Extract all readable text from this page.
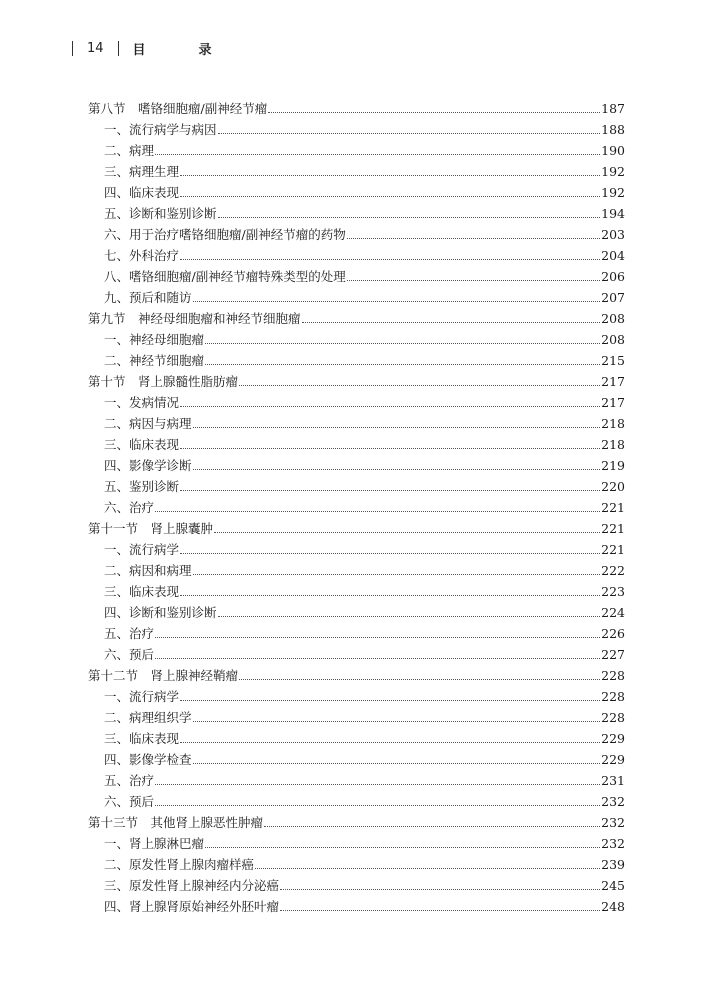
14 目　录
第八节　嗜铬细胞瘤/副神经节瘤	187
一、流行病学与病因	188
二、病理	190
三、病理生理	192
四、临床表现	192
五、诊断和鉴别诊断	194
六、用于治疗嗜铬细胞瘤/副神经节瘤的药物	203
七、外科治疗	204
八、嗜铬细胞瘤/副神经节瘤特殊类型的处理	206
九、预后和随访	207
第九节　神经母细胞瘤和神经节细胞瘤	208
一、神经母细胞瘤	208
二、神经节细胞瘤	215
第十节　肾上腺髓性脂肪瘤	217
一、发病情况	217
二、病因与病理	218
三、临床表现	218
四、影像学诊断	219
五、鉴别诊断	220
六、治疗	221
第十一节　肾上腺囊肿	221
一、流行病学	221
二、病因和病理	222
三、临床表现	223
四、诊断和鉴别诊断	224
五、治疗	226
六、预后	227
第十二节　肾上腺神经鞘瘤	228
一、流行病学	228
二、病理组织学	228
三、临床表现	229
四、影像学检查	229
五、治疗	231
六、预后	232
第十三节　其他肾上腺恶性肿瘤	232
一、肾上腺淋巴瘤	232
二、原发性肾上腺肉瘤样癌	239
三、原发性肾上腺神经内分泌癌	245
四、肾上腺肾原始神经外胚叶瘤	248
